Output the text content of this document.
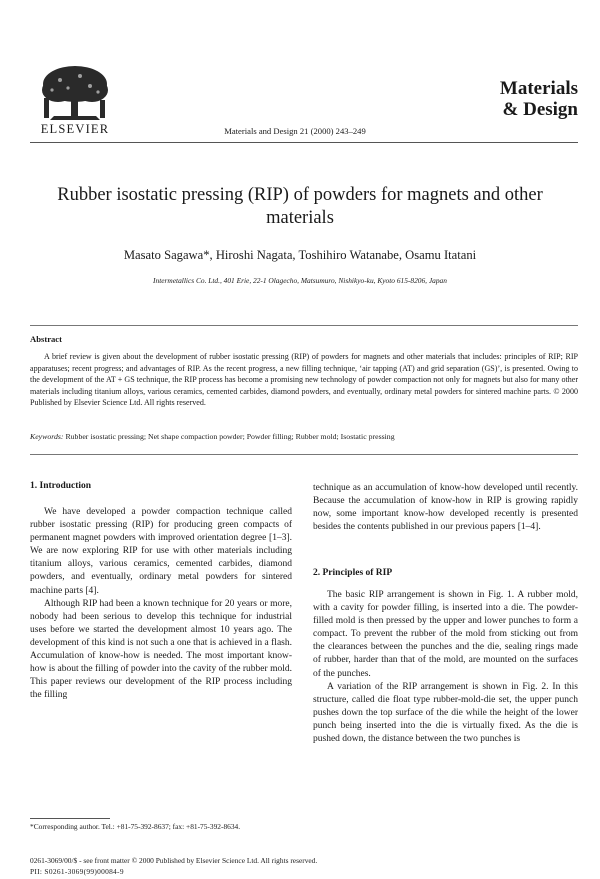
ELSEVIER	Materials and Design 21 (2000) 243–249
Materials
& Design
Rubber isostatic pressing (RIP) of powders for magnets and other materials
Masato Sagawa*, Hiroshi Nagata, Toshihiro Watanabe, Osamu Itatani
Intermetallics Co. Ltd., 401 Erie, 22-1 Olagecho, Matsumuro, Nishikyo-ku, Kyoto 615-8206, Japan
Abstract
A brief review is given about the development of rubber isostatic pressing (RIP) of powders for magnets and other materials that includes: principles of RIP; RIP apparatuses; recent progress; and advantages of RIP. As the recent progress, a new filling technique, ‘air tapping (AT) and grid separation (GS)’, is presented. Owing to the development of the AT + GS technique, the RIP process has become a promising new technology of powder compaction not only for magnets but also for many other materials including titanium alloys, various ceramics, cemented carbides, diamond powders, and eventually, ordinary metal powders for sintered machine parts. © 2000 Published by Elsevier Science Ltd. All rights reserved.
Keywords: Rubber isostatic pressing; Net shape compaction powder; Powder filling; Rubber mold; Isostatic pressing
1. Introduction

We have developed a powder compaction technique called rubber isostatic pressing (RIP) for producing green compacts of permanent magnet powders with improved orientation degree [1–3]. We are now exploring RIP for use with other materials including titanium alloys, various ceramics, cemented carbides, diamond powders, and eventually, ordinary metal powders for sintered machine parts [4].

Although RIP had been a known technique for 20 years or more, nobody had been serious to develop this technique for industrial uses before we started the development almost 10 years ago. The development of this kind is not such a one that is achieved in a flash. Accumulation of know-how is needed. The most important know-how is about the filling of powder into the cavity of the rubber mold. This paper reviews our development of the RIP process including the filling

technique as an accumulation of know-how developed until recently. Because the accumulation of know-how in RIP is growing rapidly now, some important know-how developed recently is presented besides the contents published in our previous papers [1–4].

2. Principles of RIP

The basic RIP arrangement is shown in Fig. 1. A rubber mold, with a cavity for powder filling, is inserted into a die. The powder-filled mold is then pressed by the upper and lower punches to form a compact. To prevent the rubber of the mold from sticking out from the clearances between the punches and the die, sealing rings made of rubber, harder than that of the mold, are mounted on the surfaces of the punches.

A variation of the RIP arrangement is shown in Fig. 2. In this structure, called die float type rubber-mold-die set, the upper punch pushes down the top surface of the die while the height of the lower punch being inserted into the die is virtually fixed. As the die is pushed down, the distance between the two punches is

*Corresponding author. Tel.: +81-75-392-8637; fax: +81-75-392-8634.
0261-3069/00/$ - see front matter © 2000 Published by Elsevier Science Ltd. All rights reserved.
PII: S0261-3069(99)00084-9
